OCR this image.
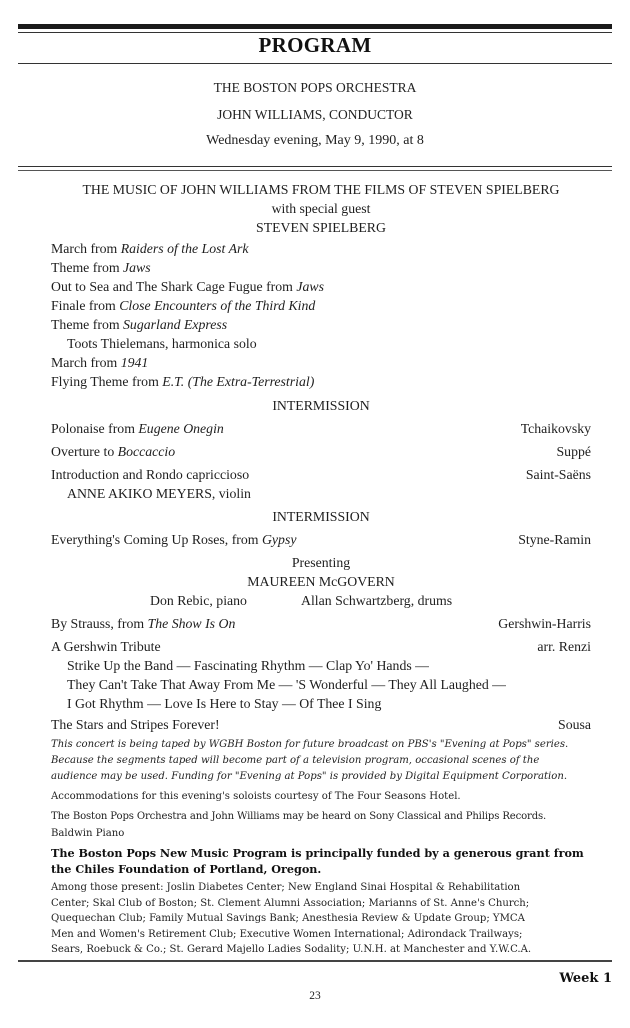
PROGRAM
THE BOSTON POPS ORCHESTRA
JOHN WILLIAMS, CONDUCTOR
Wednesday evening, May 9, 1990, at 8
THE MUSIC OF JOHN WILLIAMS FROM THE FILMS OF STEVEN SPIELBERG
with special guest
STEVEN SPIELBERG
March from Raiders of the Lost Ark
Theme from Jaws
Out to Sea and The Shark Cage Fugue from Jaws
Finale from Close Encounters of the Third Kind
Theme from Sugarland Express
Toots Thielemans, harmonica solo
March from 1941
Flying Theme from E.T. (The Extra-Terrestrial)
INTERMISSION
Polonaise from Eugene Onegin	Tchaikovsky
Overture to Boccaccio	Suppé
Introduction and Rondo capriccioso	Saint-Saëns
ANNE AKIKO MEYERS, violin
INTERMISSION
Everything's Coming Up Roses, from Gypsy	Styne-Ramin
Presenting
MAUREEN McGOVERN
Don Rebic, piano	Allan Schwartzberg, drums
By Strauss, from The Show Is On	Gershwin-Harris
A Gershwin Tribute	arr. Renzi
Strike Up the Band — Fascinating Rhythm — Clap Yo' Hands —
They Can't Take That Away From Me — 'S Wonderful — They All Laughed —
I Got Rhythm — Love Is Here to Stay — Of Thee I Sing
The Stars and Stripes Forever!	Sousa
This concert is being taped by WGBH Boston for future broadcast on PBS's "Evening at Pops" series.
Because the segments taped will become part of a television program, occasional scenes of the
audience may be used. Funding for "Evening at Pops" is provided by Digital Equipment Corporation.
Accommodations for this evening's soloists courtesy of The Four Seasons Hotel.
The Boston Pops Orchestra and John Williams may be heard on Sony Classical and Philips Records.
Baldwin Piano
The Boston Pops New Music Program is principally funded by a generous grant from
the Chiles Foundation of Portland, Oregon.
Among those present: Joslin Diabetes Center; New England Sinai Hospital & Rehabilitation
Center; Skal Club of Boston; St. Clement Alumni Association; Marianns of St. Anne's Church;
Quequechan Club; Family Mutual Savings Bank; Anesthesia Review & Update Group; YMCA
Men and Women's Retirement Club; Executive Women International; Adirondack Trailways;
Sears, Roebuck & Co.; St. Gerard Majello Ladies Sodality; U.N.H. at Manchester and Y.W.C.A.
Week 1
23
